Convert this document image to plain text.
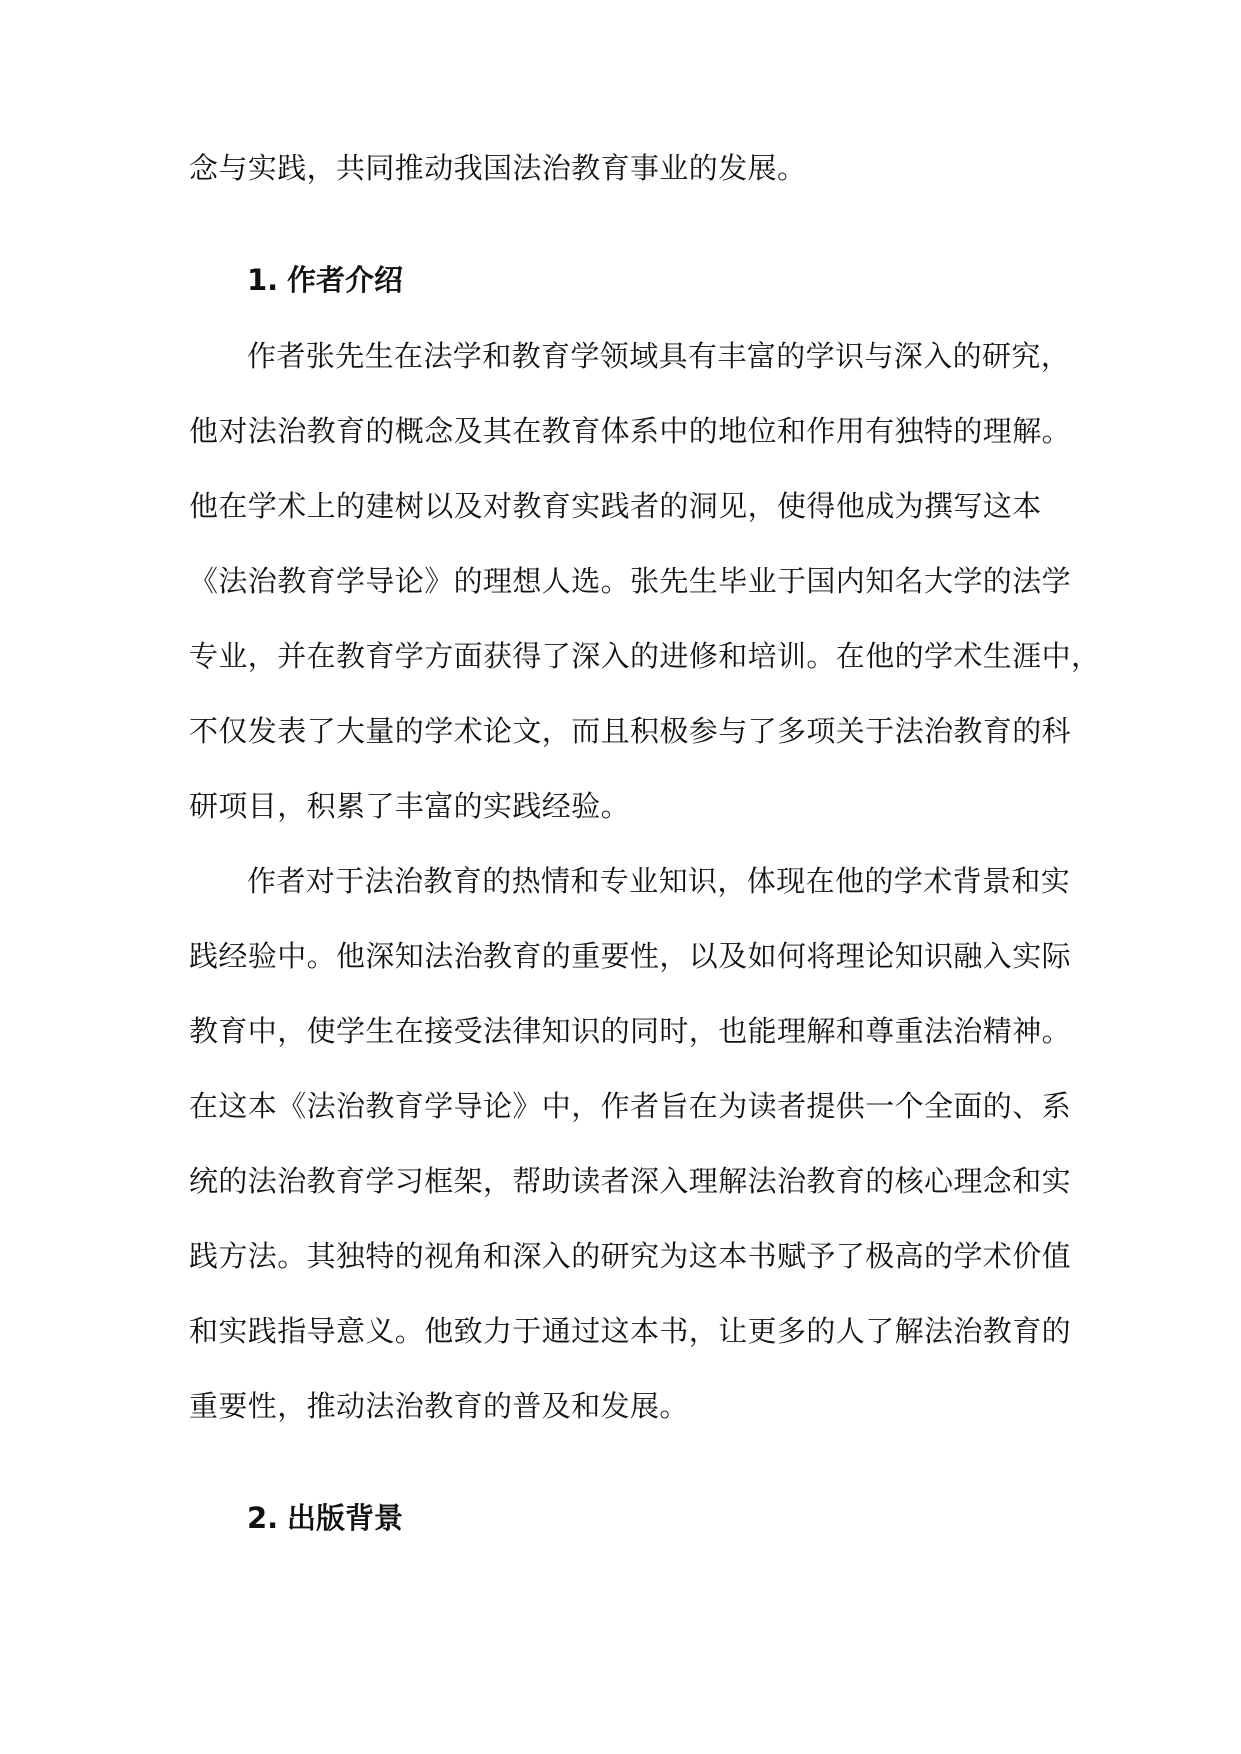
念与实践，共同推动我国法治教育事业的发展。
1. 作者介绍
作者张先生在法学和教育学领域具有丰富的学识与深入的研究，
他对法治教育的概念及其在教育体系中的地位和作用有独特的理解。
他在学术上的建树以及对教育实践者的洞见，使得他成为撰写这本
《法治教育学导论》的理想人选。张先生毕业于国内知名大学的法学
专业，并在教育学方面获得了深入的进修和培训。在他的学术生涯中，
不仅发表了大量的学术论文，而且积极参与了多项关于法治教育的科
研项目，积累了丰富的实践经验。
作者对于法治教育的热情和专业知识，体现在他的学术背景和实
践经验中。他深知法治教育的重要性，以及如何将理论知识融入实际
教育中，使学生在接受法律知识的同时，也能理解和尊重法治精神。
在这本《法治教育学导论》中，作者旨在为读者提供一个全面的、系
统的法治教育学习框架，帮助读者深入理解法治教育的核心理念和实
践方法。其独特的视角和深入的研究为这本书赋予了极高的学术价值
和实践指导意义。他致力于通过这本书，让更多的人了解法治教育的
重要性，推动法治教育的普及和发展。
2. 出版背景
